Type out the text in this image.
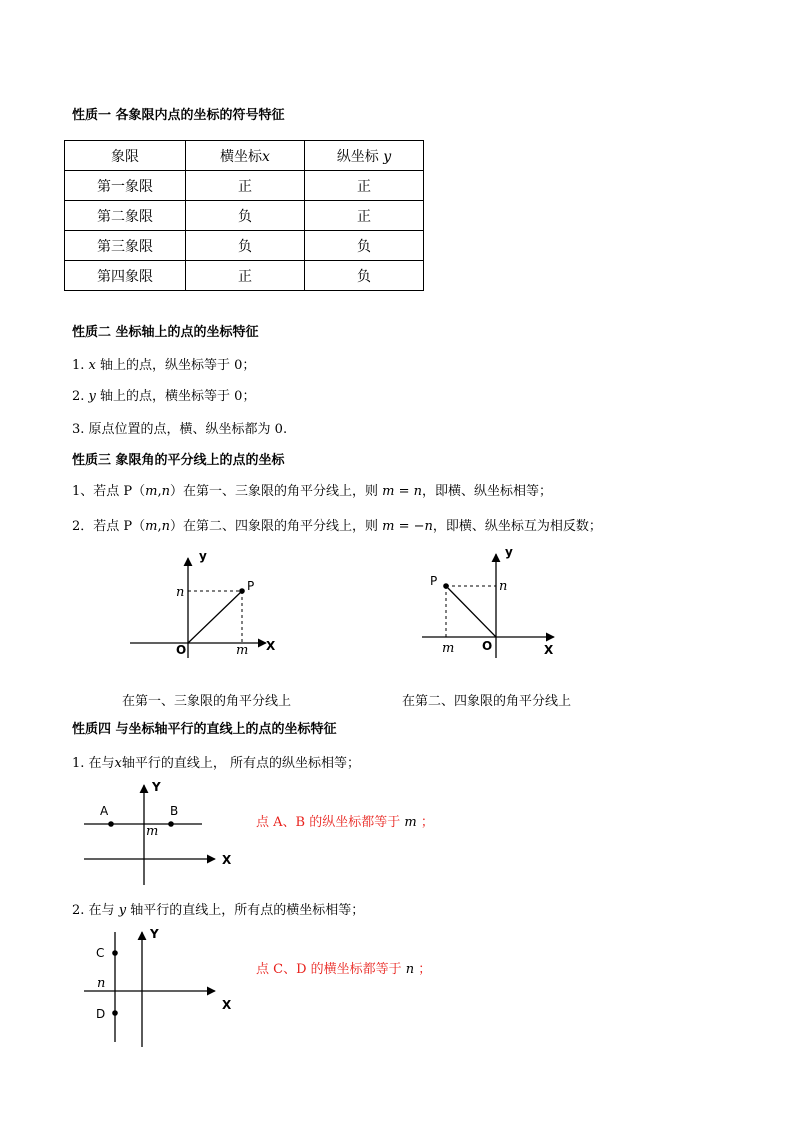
性质一 各象限内点的坐标的符号特征
象限	横坐标x	纵坐标 y
第一象限	正	正
第二象限	负	正
第三象限	负	负
第四象限	正	负
性质二 坐标轴上的点的坐标特征
1. x 轴上的点，纵坐标等于 0；
2. y 轴上的点，横坐标等于 0；
3. 原点位置的点，横、纵坐标都为 0.
性质三 象限角的平分线上的点的坐标
1、若点 P（m,n）在第一、三象限的角平分线上，则 m = n，即横、纵坐标相等；
2．若点 P（m,n）在第二、四象限的角平分线上，则 m = −n，即横、纵坐标互为相反数；
y
X
O
P
n
m
在第一、三象限的角平分线上
y
X
O
P	n
m
在第二、四象限的角平分线上
性质四 与坐标轴平行的直线上的点的坐标特征
1. 在与x轴平行的直线上， 所有点的纵坐标相等；
Y
X
A	B
m
点 A、B 的纵坐标都等于 m ；
2. 在与 y 轴平行的直线上，所有点的横坐标相等；
Y
X
C
D
n
点 C、D 的横坐标都等于 n ；
